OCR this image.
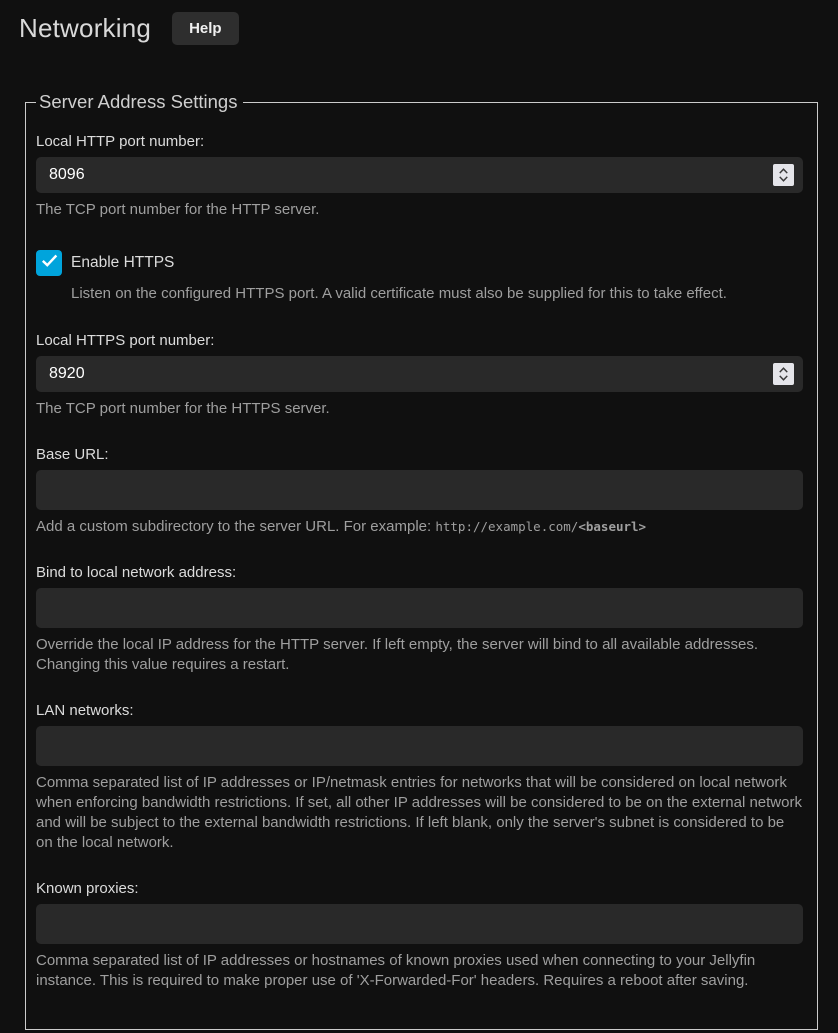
Networking	Help
Server Address Settings
Local HTTP port number:
8096
The TCP port number for the HTTP server.
Enable HTTPS
Listen on the configured HTTPS port. A valid certificate must also be supplied for this to take effect.
Local HTTPS port number:
8920
The TCP port number for the HTTPS server.
Base URL:
Add a custom subdirectory to the server URL. For example: http://example.com/<baseurl>
Bind to local network address:
Override the local IP address for the HTTP server. If left empty, the server will bind to all available addresses. Changing this value requires a restart.
LAN networks:
Comma separated list of IP addresses or IP/netmask entries for networks that will be considered on local network when enforcing bandwidth restrictions. If set, all other IP addresses will be considered to be on the external network and will be subject to the external bandwidth restrictions. If left blank, only the server's subnet is considered to be on the local network.
Known proxies:
Comma separated list of IP addresses or hostnames of known proxies used when connecting to your Jellyfin instance. This is required to make proper use of 'X-Forwarded-For' headers. Requires a reboot after saving.
